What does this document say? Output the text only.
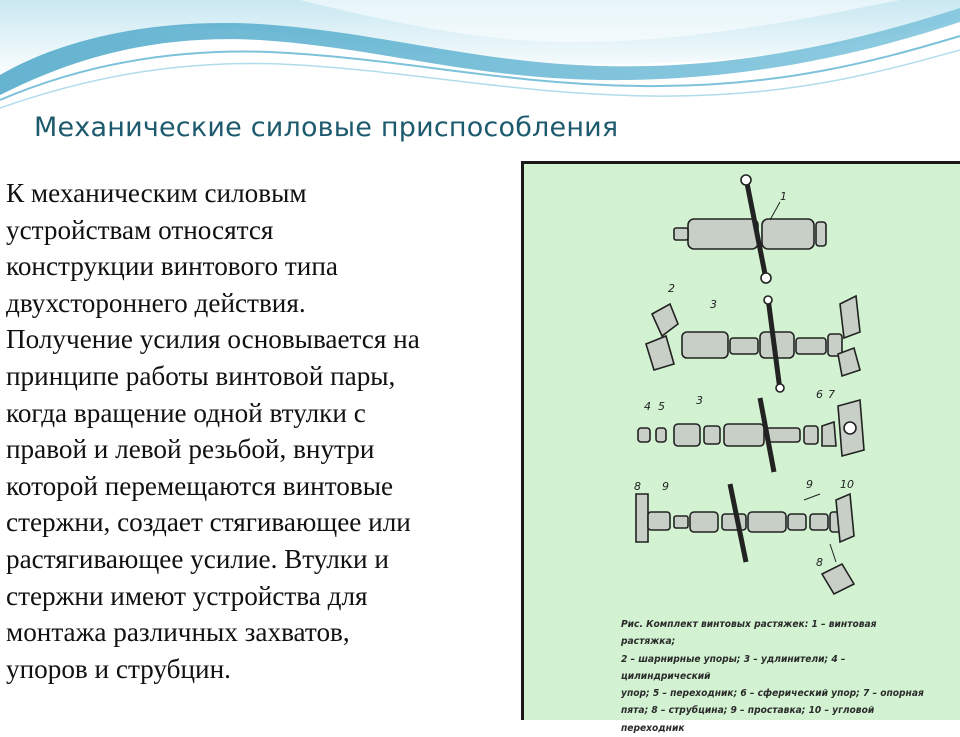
Механические силовые приспособления
К механическим силовым
устройствам относятся
конструкции винтового типа
двухстороннего действия.
Получение усилия основывается на
принципе работы винтовой пары,
когда вращение одной втулки с
правой и левой резьбой, внутри
которой перемещаются винтовые
стержни, создает стягивающее или
растягивающее усилие. Втулки и
стержни имеют устройства для
монтажа различных захватов,
упоров и струбцин.
1
2
3
4 5	3	6 7
8 9	9 10
8
Рис. Комплект винтовых растяжек: 1 – винтовая растяжка;
2 – шарнирные упоры; 3 – удлинители; 4 – цилиндрический
упор; 5 – переходник; 6 – сферический упор; 7 – опорная
пята; 8 – струбцина; 9 – проставка; 10 – угловой переходник
